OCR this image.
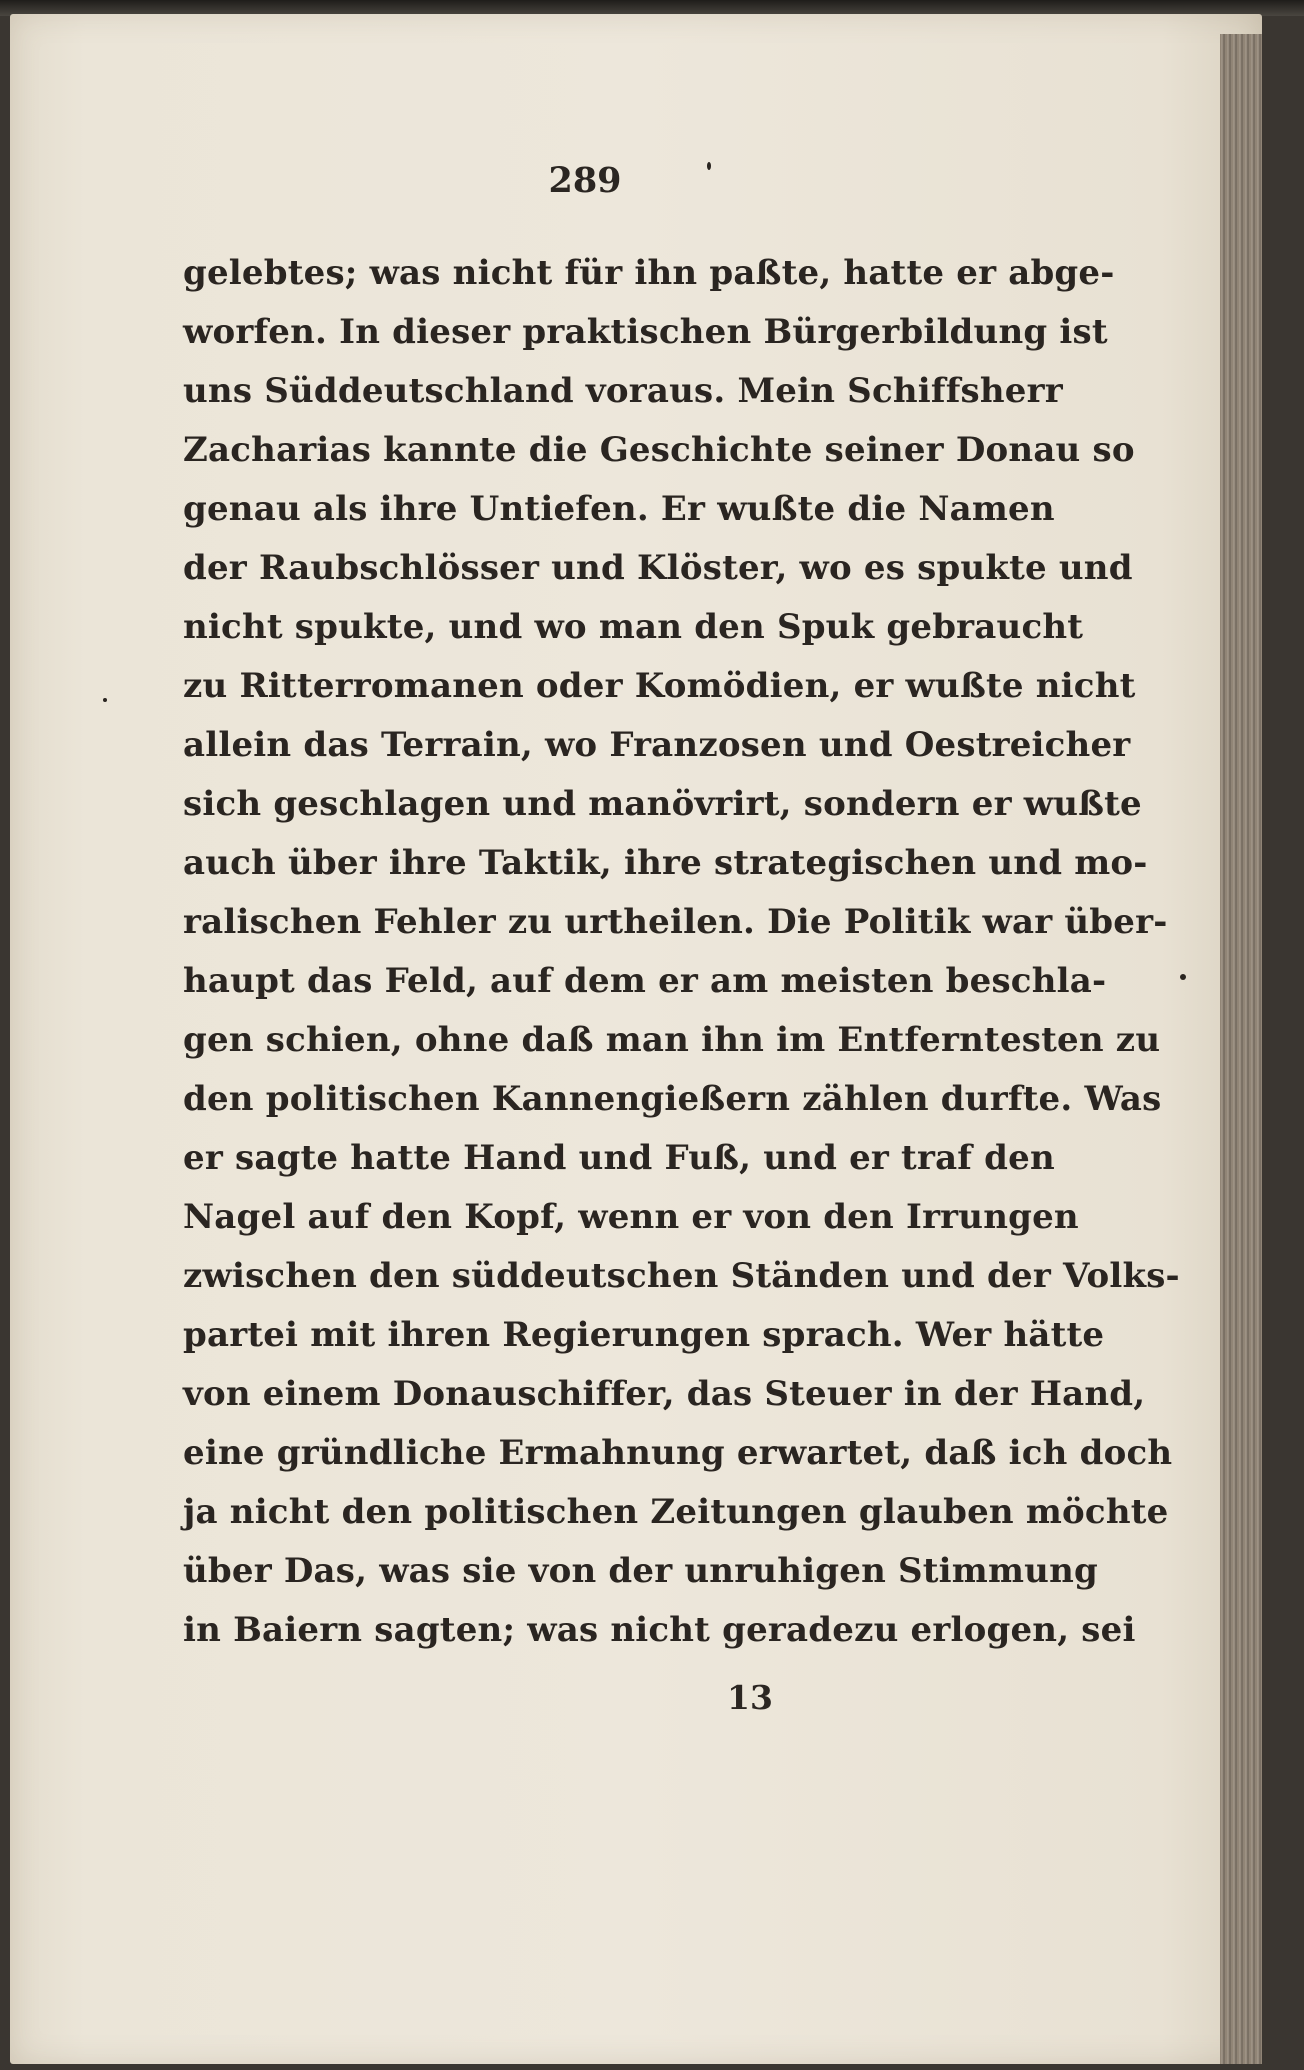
289

gelebtes; was nicht für ihn paßte, hatte er abge-
worfen. In dieser praktischen Bürgerbildung ist
uns Süddeutschland voraus. Mein Schiffsherr
Zacharias kannte die Geschichte seiner Donau so
genau als ihre Untiefen. Er wußte die Namen
der Raubschlösser und Klöster, wo es spukte und
nicht spukte, und wo man den Spuk gebraucht
zu Ritterromanen oder Komödien, er wußte nicht
allein das Terrain, wo Franzosen und Oestreicher
sich geschlagen und manövrirt, sondern er wußte
auch über ihre Taktik, ihre strategischen und mo-
ralischen Fehler zu urtheilen. Die Politik war über-
haupt das Feld, auf dem er am meisten beschla-
gen schien, ohne daß man ihn im Entferntesten zu
den politischen Kannengießern zählen durfte. Was
er sagte hatte Hand und Fuß, und er traf den
Nagel auf den Kopf, wenn er von den Irrungen
zwischen den süddeutschen Ständen und der Volks-
partei mit ihren Regierungen sprach. Wer hätte
von einem Donauschiffer, das Steuer in der Hand,
eine gründliche Ermahnung erwartet, daß ich doch
ja nicht den politischen Zeitungen glauben möchte
über Das, was sie von der unruhigen Stimmung
in Baiern sagten; was nicht geradezu erlogen, sei

13
